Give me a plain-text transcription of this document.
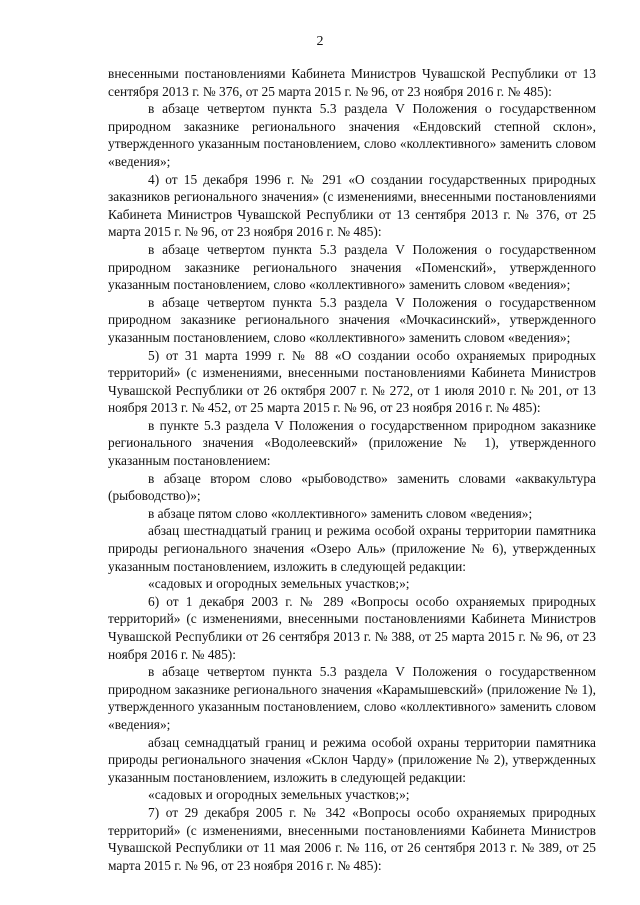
2

внесенными постановлениями Кабинета Министров Чувашской Республики от 13 сентября 2013 г. № 376, от 25 марта 2015 г. № 96, от 23 ноября 2016 г. № 485):

в абзаце четвертом пункта 5.3 раздела V Положения о государственном природном заказнике регионального значения «Ендовский степной склон», утвержденного указанным постановлением, слово «коллективного» заменить словом «ведения»;

4) от 15 декабря 1996 г. № 291 «О создании государственных природных заказников регионального значения» (с изменениями, внесенными постановлениями Кабинета Министров Чувашской Республики от 13 сентября 2013 г. № 376, от 25 марта 2015 г. № 96, от 23 ноября 2016 г. № 485):

в абзаце четвертом пункта 5.3 раздела V Положения о государственном природном заказнике регионального значения «Поменский», утвержденного указанным постановлением, слово «коллективного» заменить словом «ведения»;

в абзаце четвертом пункта 5.3 раздела V Положения о государственном природном заказнике регионального значения «Мочкасинский», утвержденного указанным постановлением, слово «коллективного» заменить словом «ведения»;

5) от 31 марта 1999 г. № 88 «О создании особо охраняемых природных территорий» (с изменениями, внесенными постановлениями Кабинета Министров Чувашской Республики от 26 октября 2007 г. № 272, от 1 июля 2010 г. № 201, от 13 ноября 2013 г. № 452, от 25 марта 2015 г. № 96, от 23 ноября 2016 г. № 485):

в пункте 5.3 раздела V Положения о государственном природном заказнике регионального значения «Водолеевский» (приложение № 1), утвержденного указанным постановлением:

в абзаце втором слово «рыбоводство» заменить словами «аквакультура (рыбоводство)»;

в абзаце пятом слово «коллективного» заменить словом «ведения»;

абзац шестнадцатый границ и режима особой охраны территории памятника природы регионального значения «Озеро Аль» (приложение № 6), утвержденных указанным постановлением, изложить в следующей редакции:

«садовых и огородных земельных участков;»;

6) от 1 декабря 2003 г. № 289 «Вопросы особо охраняемых природных территорий» (с изменениями, внесенными постановлениями Кабинета Министров Чувашской Республики от 26 сентября 2013 г. № 388, от 25 марта 2015 г. № 96, от 23 ноября 2016 г. № 485):

в абзаце четвертом пункта 5.3 раздела V Положения о государственном природном заказнике регионального значения «Карамышевский» (приложение № 1), утвержденного указанным постановлением, слово «коллективного» заменить словом «ведения»;

абзац семнадцатый границ и режима особой охраны территории памятника природы регионального значения «Склон Чарду» (приложение № 2), утвержденных указанным постановлением, изложить в следующей редакции:

«садовых и огородных земельных участков;»;

7) от 29 декабря 2005 г. № 342 «Вопросы особо охраняемых природных территорий» (с изменениями, внесенными постановлениями Кабинета Министров Чувашской Республики от 11 мая 2006 г. № 116, от 26 сентября 2013 г. № 389, от 25 марта 2015 г. № 96, от 23 ноября 2016 г. № 485):
